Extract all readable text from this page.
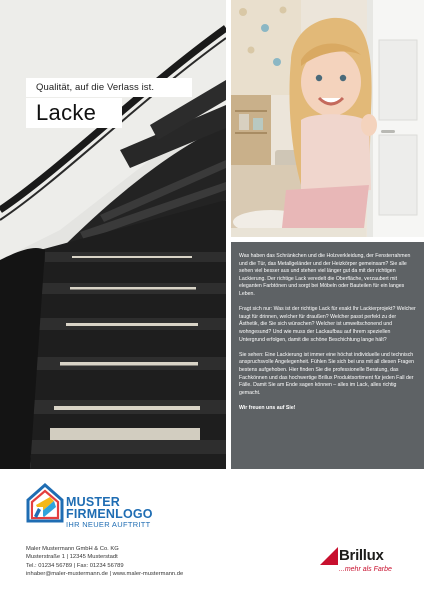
Qualität, auf die Verlass ist.
Lacke

Was haben das Schränkchen und die Holzverkleidung, der Fensterrahmen und die Tür, das Metallgeländer und der Heizkörper gemeinsam? Sie alle sehen viel besser aus und stehen viel länger gut da mit der richtigen Lackierung. Der richtige Lack veredelt die Oberfläche, verzaubert mit eleganten Farbtönen und sorgt bei Möbeln oder Bauteilen für ein langes Leben.

Fragt sich nur: Was ist der richtige Lack für exakt Ihr Lackierprojekt? Welcher taugt für drinnen, welcher für draußen? Welcher passt perfekt zu der Ästhetik, die Sie sich wünschen? Welcher ist umweltschonend und wohngesund? Und wie muss der Lackaufbau auf Ihrem speziellen Untergrund erfolgen, damit die schöne Beschichtung lange hält?

Sie sehen: Eine Lackierung ist immer eine höchst individuelle und technisch anspruchsvolle Angelegenheit. Fühlen Sie sich bei uns mit all diesen Fragen bestens aufgehoben. Hier finden Sie die professionelle Beratung, das Fachkönnen und das hochwertige Brillux Produktsortiment für jeden Fall der Fälle. Damit Sie am Ende sagen können – alles im Lack, alles richtig gemacht.

Wir freuen uns auf Sie!

MUSTER
FIRMENLOGO
IHR NEUER AUFTRITT
Maler Mustermann GmbH & Co. KG
Musterstraße 1 | 12345 Musterstadt
Tel.: 01234 56789 | Fax: 01234 56789
inhaber@maler-mustermann.de | www.maler-mustermann.de
Brillux
...mehr als Farbe
